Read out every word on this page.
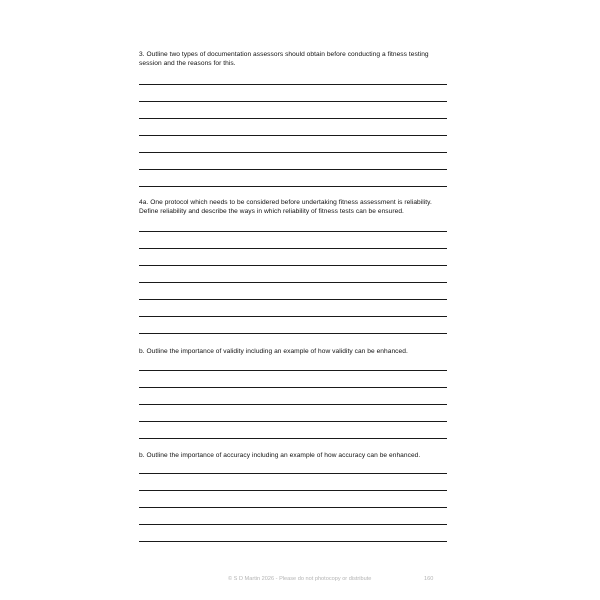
3. Outline two types of documentation assessors should obtain before conducting a fitness testing session and the reasons for this.
4a. One protocol which needs to be considered before undertaking fitness assessment is reliability. Define reliability and describe the ways in which reliability of fitness tests can be ensured.
b. Outline the importance of validity including an example of how validity can be enhanced.
b. Outline the importance of accuracy including an example of how accuracy can be enhanced.
© S D Martin 2026 - Please do not photocopy or distribute	160
